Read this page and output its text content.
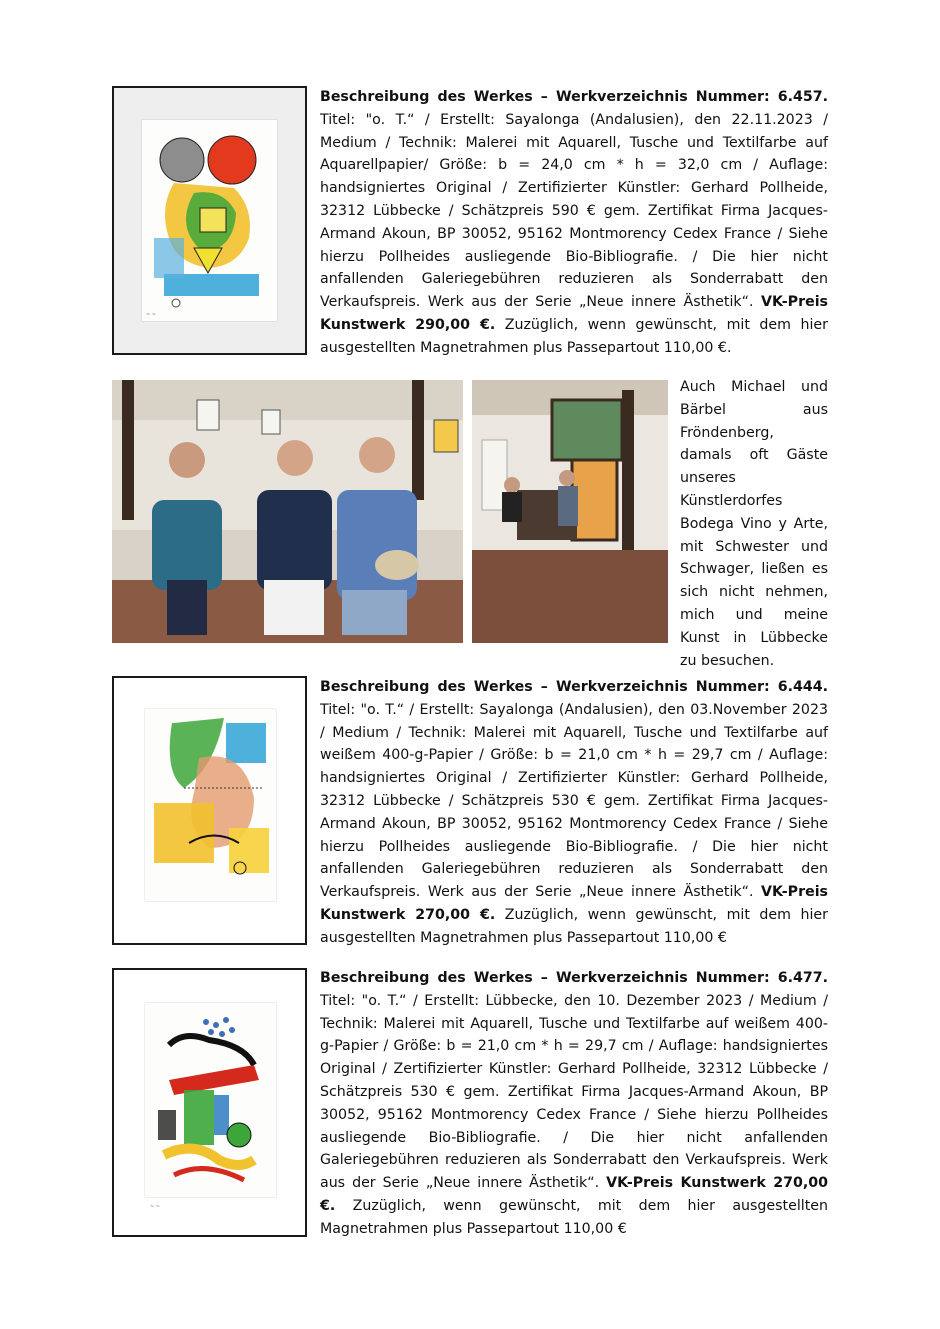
~ ~

Beschreibung des Werkes – Werkverzeichnis Nummer: 6.457. Titel: "o. T.“ / Erstellt: Sayalonga (Andalusien), den 22.11.2023 / Medium / Technik: Malerei mit Aquarell, Tusche und Textilfarbe auf Aquarellpapier/ Größe: b = 24,0 cm * h = 32,0 cm / Auflage: handsigniertes Original / Zertifizierter Künstler: Gerhard Pollheide, 32312 Lübbecke / Schätzpreis 590 € gem. Zertifikat Firma Jacques-Armand Akoun, BP 30052, 95162 Montmorency Cedex France / Siehe hierzu Pollheides ausliegende Bio-Bibliografie. / Die hier nicht anfallenden Galeriegebühren reduzieren als Sonderrabatt den Verkaufspreis. Werk aus der Serie „Neue innere Ästhetik“. VK-Preis Kunstwerk 290,00 €. Zuzüglich, wenn gewünscht, mit dem hier ausgestellten Magnetrahmen plus Passepartout 110,00 €.

Auch Michael und Bärbel aus Fröndenberg, damals oft Gäste unseres Künstlerdorfes Bodega Vino y Arte, mit Schwester und Schwager, ließen es sich nicht nehmen, mich und meine Kunst in Lübbecke zu besuchen.

Beschreibung des Werkes – Werkverzeichnis Nummer: 6.444. Titel: "o. T.“ / Erstellt: Sayalonga (Andalusien), den 03.November 2023 / Medium / Technik: Malerei mit Aquarell, Tusche und Textilfarbe auf weißem 400-g-Papier / Größe: b = 21,0 cm * h = 29,7 cm / Auflage: handsigniertes Original / Zertifizierter Künstler: Gerhard Pollheide, 32312 Lübbecke / Schätzpreis 530 € gem. Zertifikat Firma Jacques-Armand Akoun, BP 30052, 95162 Montmorency Cedex France / Siehe hierzu Pollheides ausliegende Bio-Bibliografie. / Die hier nicht anfallenden Galeriegebühren reduzieren als Sonderrabatt den Verkaufspreis. Werk aus der Serie „Neue innere Ästhetik“. VK-Preis Kunstwerk 270,00 €. Zuzüglich, wenn gewünscht, mit dem hier ausgestellten Magnetrahmen plus Passepartout 110,00 €

~ ~

Beschreibung des Werkes – Werkverzeichnis Nummer: 6.477. Titel: "o. T.“ / Erstellt: Lübbecke, den 10. Dezember 2023 / Medium / Technik: Malerei mit Aquarell, Tusche und Textilfarbe auf weißem 400-g-Papier / Größe: b = 21,0 cm * h = 29,7 cm / Auflage: handsigniertes Original / Zertifizierter Künstler: Gerhard Pollheide, 32312 Lübbecke / Schätzpreis 530 € gem. Zertifikat Firma Jacques-Armand Akoun, BP 30052, 95162 Montmorency Cedex France / Siehe hierzu Pollheides ausliegende Bio-Bibliografie. / Die hier nicht anfallenden Galeriegebühren reduzieren als Sonderrabatt den Verkaufspreis. Werk aus der Serie „Neue innere Ästhetik“. VK-Preis Kunstwerk 270,00 €. Zuzüglich, wenn gewünscht, mit dem hier ausgestellten Magnetrahmen plus Passepartout 110,00 €
